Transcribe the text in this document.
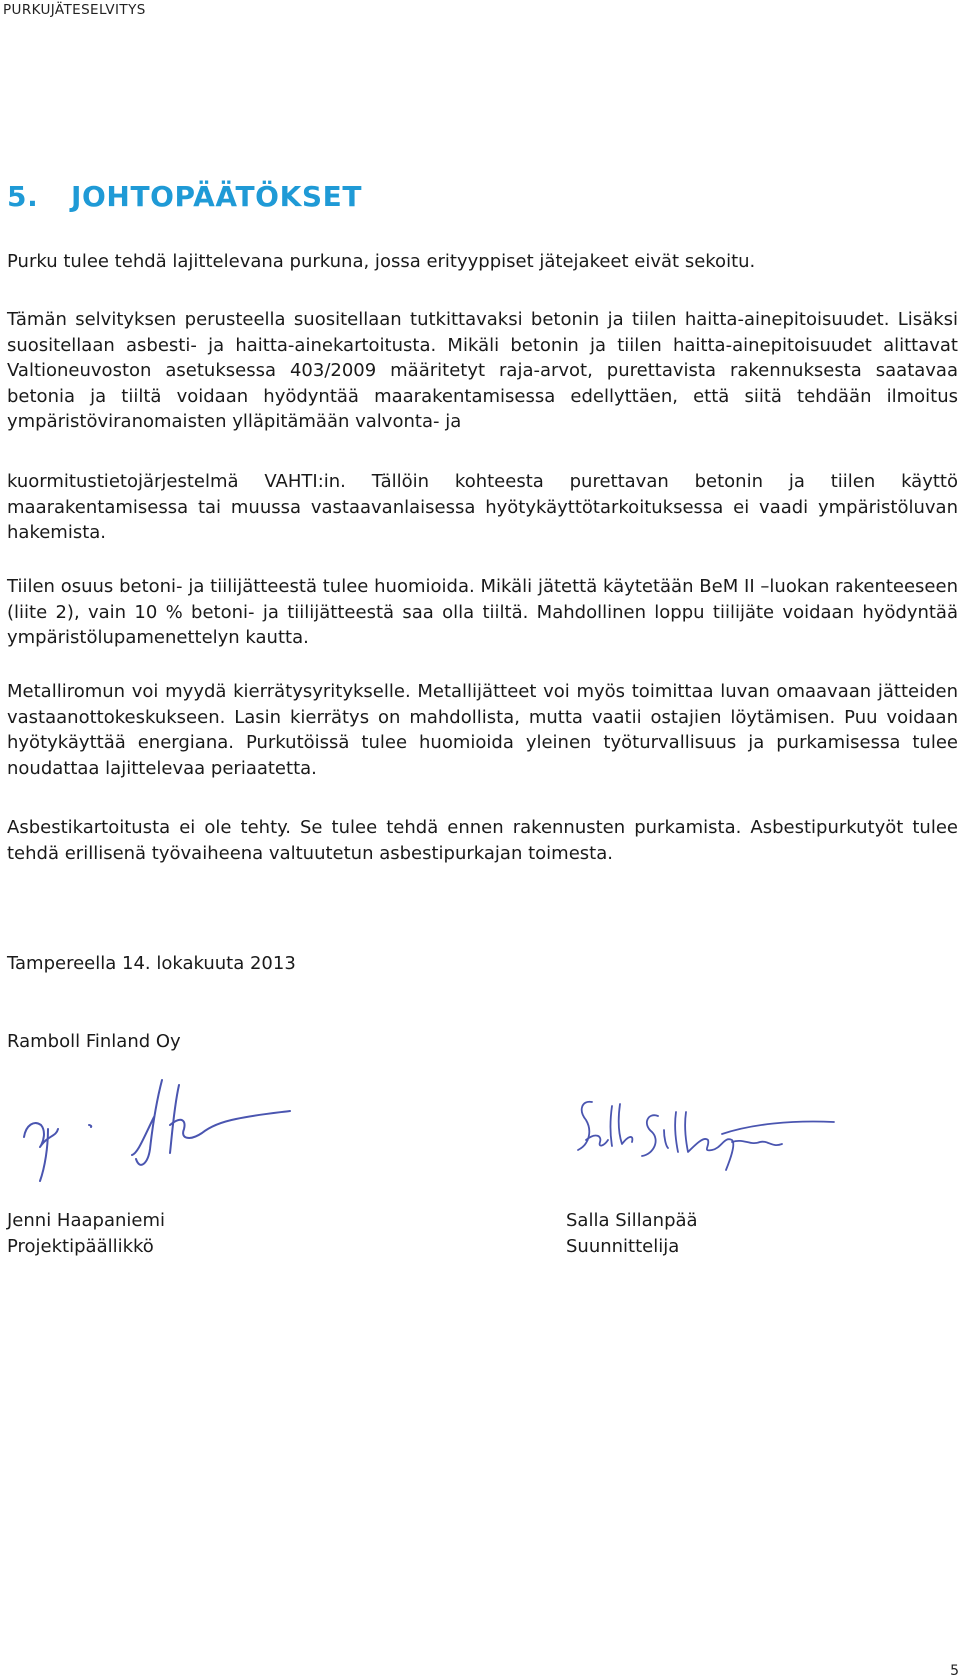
PURKUJÄTESELVITYS
5.	JOHTOPÄÄTÖKSET

Purku tulee tehdä lajittelevana purkuna, jossa erityyppiset jätejakeet eivät sekoitu.

Tämän selvityksen perusteella suositellaan tutkittavaksi betonin ja tiilen haitta-ainepitoisuudet. Lisäksi suositellaan asbesti- ja haitta-ainekartoitusta. Mikäli betonin ja tiilen haitta-ainepitoisuudet alittavat Valtioneuvoston asetuksessa 403/2009 määritetyt raja-arvot, purettavista rakennuksesta saatavaa betonia ja tiiltä voidaan hyödyntää maarakentamisessa edellyttäen, että siitä tehdään ilmoitus ympäristöviranomaisten ylläpitämään valvonta- ja

kuormitustietojärjestelmä VAHTI:in. Tällöin kohteesta purettavan betonin ja tiilen käyttö maarakentamisessa tai muussa vastaavanlaisessa hyötykäyttötarkoituksessa ei vaadi ympäristöluvan hakemista.

Tiilen osuus betoni- ja tiilijätteestä tulee huomioida. Mikäli jätettä käytetään BeM II –luokan rakenteeseen (liite 2), vain 10 % betoni- ja tiilijätteestä saa olla tiiltä. Mahdollinen loppu tiilijäte voidaan hyödyntää ympäristölupamenettelyn kautta.

Metalliromun voi myydä kierrätysyritykselle. Metallijätteet voi myös toimittaa luvan omaavaan jätteiden vastaanottokeskukseen. Lasin kierrätys on mahdollista, mutta vaatii ostajien löytämisen. Puu voidaan hyötykäyttää energiana. Purkutöissä tulee huomioida yleinen työturvallisuus ja purkamisessa tulee noudattaa lajittelevaa periaatetta.

Asbestikartoitusta ei ole tehty. Se tulee tehdä ennen rakennusten purkamista. Asbestipurkutyöt tulee tehdä erillisenä työvaiheena valtuutetun asbestipurkajan toimesta.

Tampereella 14. lokakuuta 2013

Ramboll Finland Oy

Jenni Haapaniemi
Projektipäällikkö
Salla Sillanpää
Suunnittelija
5
